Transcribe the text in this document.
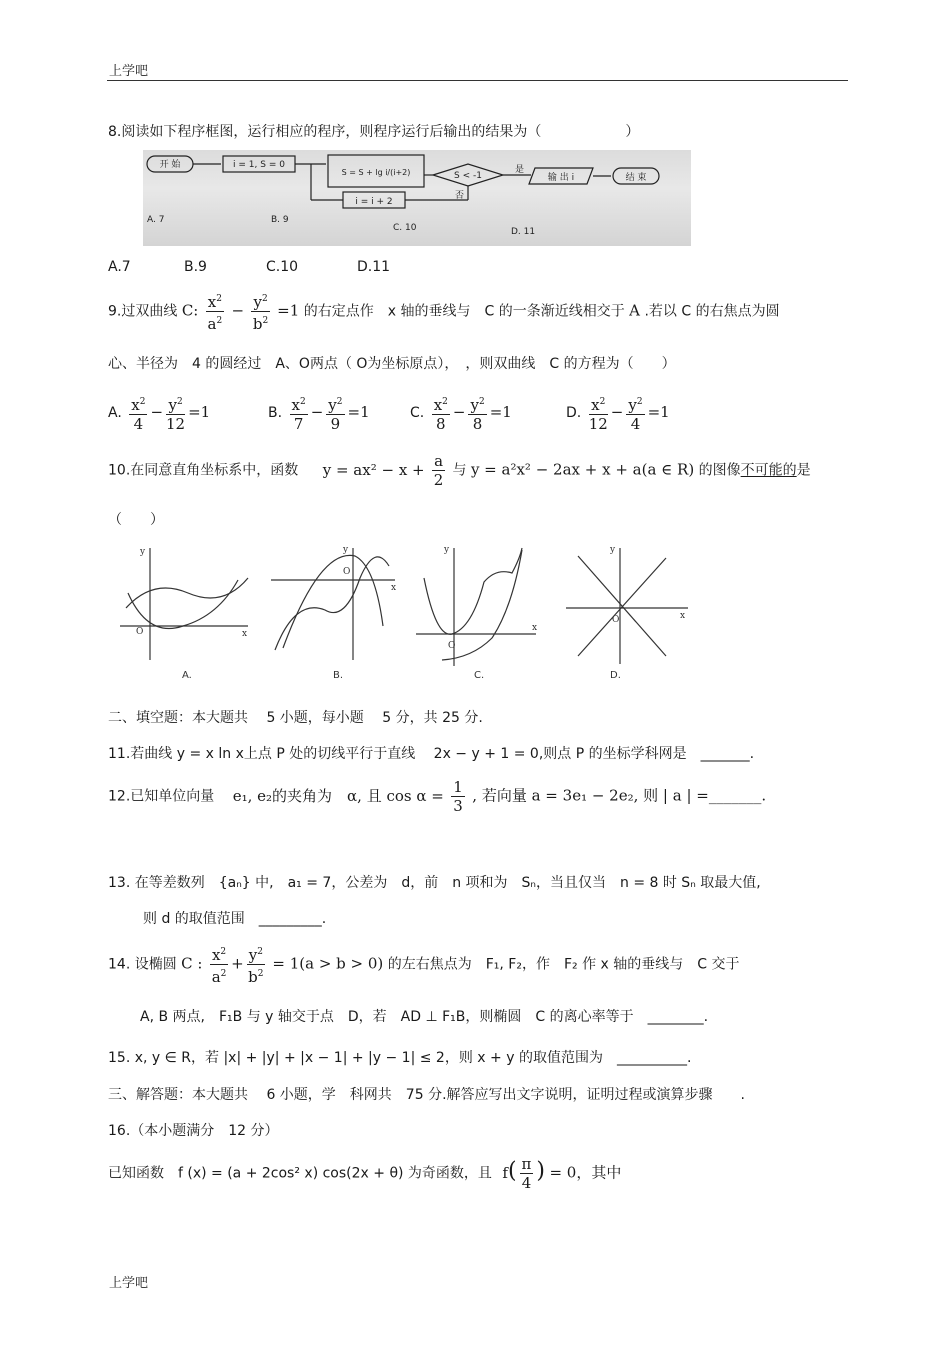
上学吧
8.阅读如下程序框图，运行相应的程序，则程序运行后输出的结果为（　　　　　　）
开 始	i = 1, S = 0
S = S + lg i/(i+2)	S < -1
是
输 出 i	结 束
否
i = i + 2
A. 7	B. 9
C. 10	D. 11
A.7	B.9	C.10	D.11
9.过双曲线 C: $\frac{x^2}{a^2} - \frac{y^2}{b^2} =1$ 的右定点作　x 轴的垂线与　C 的一条渐近线相交于 A .若以 C 的右焦点为圆
心、半径为　4 的圆经过　A、O两点（ O为坐标原点），　，则双曲线　C 的方程为（　　）
A. $\frac{x^2}{4} - \frac{y^2}{12} =1$	B. $\frac{x^2}{7} - \frac{y^2}{9} =1$	C. $\frac{x^2}{8} - \frac{y^2}{8} =1$	D. $\frac{x^2}{12} - \frac{y^2}{4} =1$
10.在同意直角坐标系中，函数 $y = ax^2 - x + \frac{a}{2}$ 与 y = a²x² − 2ax + x + a(a ∈ R) 的图像不可能的是
（　　）
y
O	x
A.
y
O
x
B.
y
O
x
C.
y
O	x
D.
二、填空题：本大题共　 5 小题，每小题　 5 分，共 25 分.
11.若曲线 y = x ln x上点 P 处的切线平行于直线　 2x − y + 1 = 0,则点 P 的坐标学科网是　_______.
12.已知单位向量 e₁, e₂的夹角为　α, 且 $\cos \alpha = \frac{1}{3}$ , 若向量 a = 3e₁ − 2e₂, 则 | a | =_______.
13. 在等差数列　{aₙ} 中,　a₁ = 7，公差为　d，前　n 项和为　Sₙ，当且仅当　n = 8 时 Sₙ 取最大值,
则 d 的取值范围　_________.
14. 设椭圆 C : $\frac{x^2}{a^2} + \frac{y^2}{b^2} = 1(a > b > 0)$ 的左右焦点为　F₁, F₂，作　F₂ 作 x 轴的垂线与　C 交于
A, B 两点,　F₁B 与 y 轴交于点　D，若　AD ⊥ F₁B，则椭圆　C 的离心率等于　________.
15. x, y ∈ R，若 |x| + |y| + |x − 1| + |y − 1| ≤ 2，则 x + y 的取值范围为　__________.
三、解答题：本大题共　 6 小题，学　科网共　75 分.解答应写出文字说明，证明过程或演算步骤　　.
16.（本小题满分　12 分）
已知函数　f (x) = (a + 2cos² x) cos(2x + θ) 为奇函数，且 $f( \frac{\pi}{4}$ ) = 0，其中
上学吧
